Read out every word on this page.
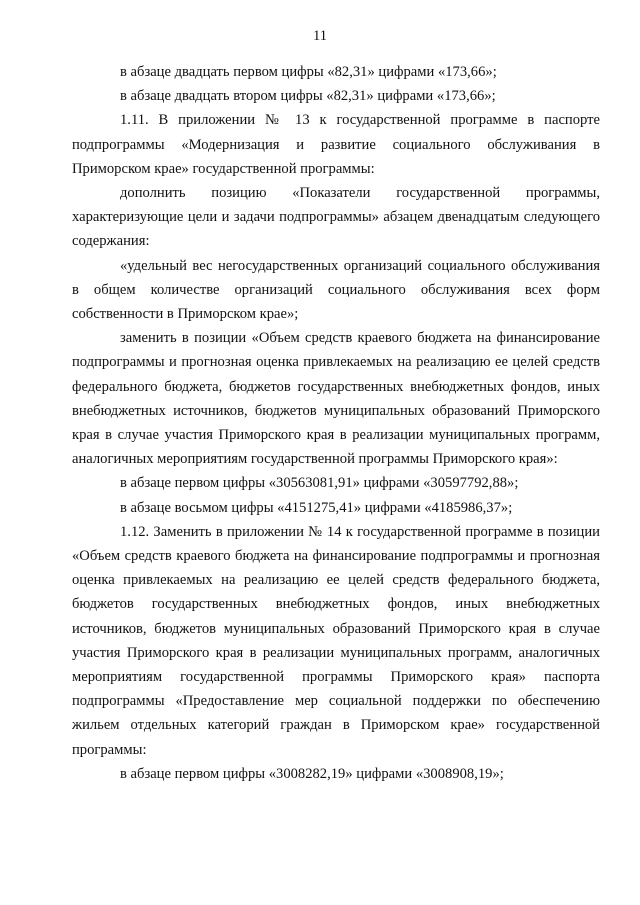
11

в абзаце двадцать первом цифры «82,31» цифрами «173,66»;

в абзаце двадцать втором цифры «82,31» цифрами «173,66»;

1.11. В приложении № 13 к государственной программе в паспорте подпрограммы «Модернизация и развитие социального обслуживания в Приморском крае» государственной программы:

дополнить позицию «Показатели государственной программы, характеризующие цели и задачи подпрограммы» абзацем двенадцатым следующего содержания:

«удельный вес негосударственных организаций социального обслуживания в общем количестве организаций социального обслуживания всех форм собственности в Приморском крае»;

заменить в позиции «Объем средств краевого бюджета на финансирование подпрограммы и прогнозная оценка привлекаемых на реализацию ее целей средств федерального бюджета, бюджетов государственных внебюджетных фондов, иных внебюджетных источников, бюджетов муниципальных образований Приморского края в случае участия Приморского края в реализации муниципальных программ, аналогичных мероприятиям государственной программы Приморского края»:

в абзаце первом цифры «30563081,91» цифрами «30597792,88»;

в абзаце восьмом цифры «4151275,41» цифрами «4185986,37»;

1.12. Заменить в приложении № 14 к государственной программе в позиции «Объем средств краевого бюджета на финансирование подпрограммы и прогнозная оценка привлекаемых на реализацию ее целей средств федерального бюджета, бюджетов государственных внебюджетных фондов, иных внебюджетных источников, бюджетов муниципальных образований Приморского края в случае участия Приморского края в реализации муниципальных программ, аналогичных мероприятиям государственной программы Приморского края» паспорта подпрограммы «Предоставление мер социальной поддержки по обеспечению жильем отдельных категорий граждан в Приморском крае» государственной программы:

в абзаце первом цифры «3008282,19» цифрами «3008908,19»;
